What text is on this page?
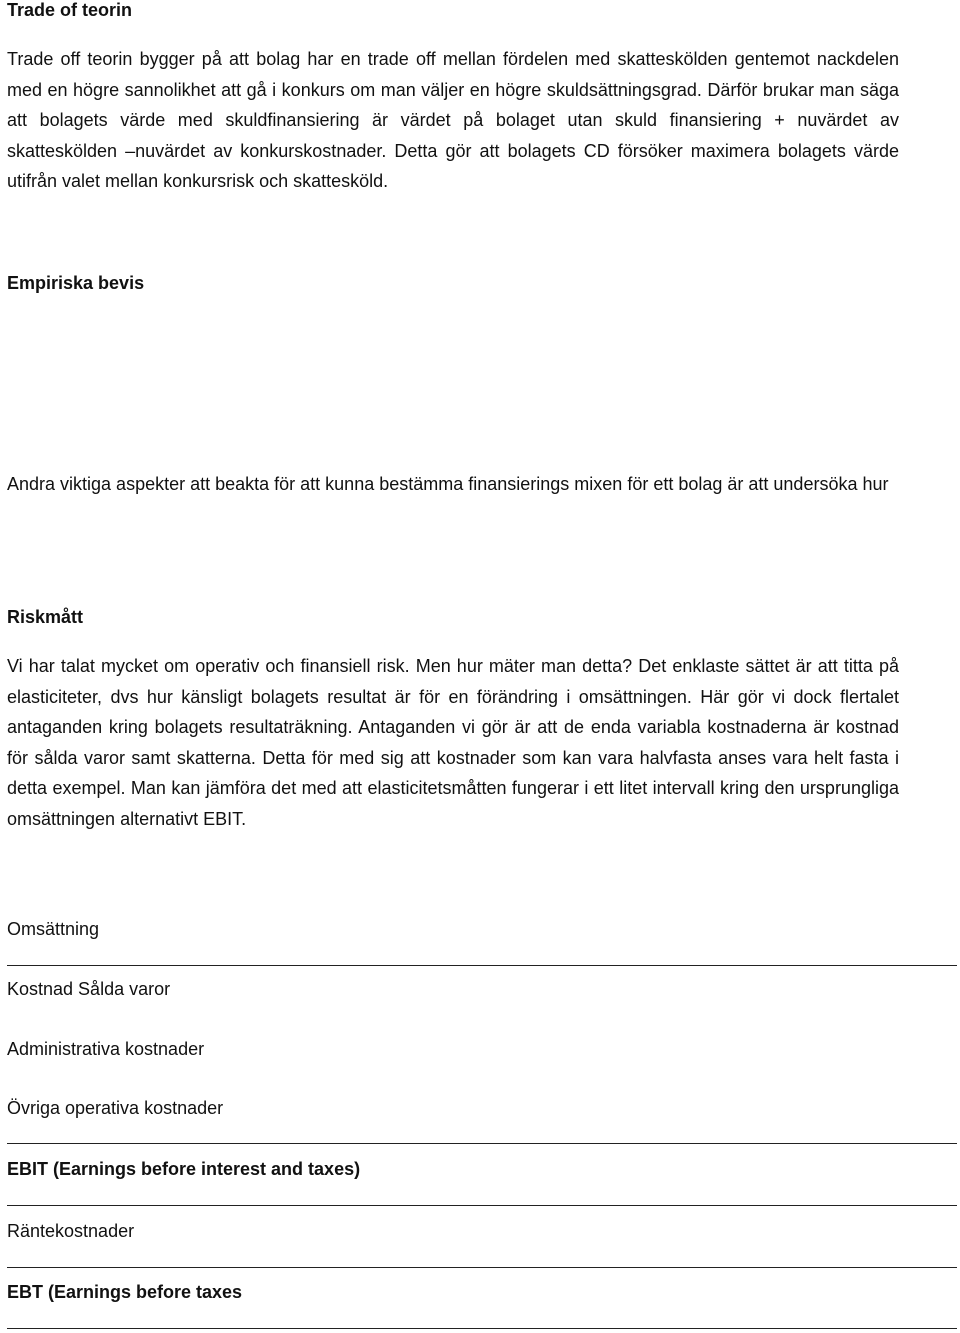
Trade of teorin
Trade off teorin bygger på att bolag har en trade off mellan fördelen med skatteskölden gentemot nackdelen med en högre sannolikhet att gå i konkurs om man väljer en högre skuldsättningsgrad. Därför brukar man säga att bolagets värde med skuldfinansiering är värdet på bolaget utan skuld finansiering + nuvärdet av skatteskölden –nuvärdet av konkurskostnader. Detta gör att bolagets CD försöker maximera bolagets värde utifrån valet mellan konkursrisk och skattesköld.
Empiriska bevis
Andra viktiga aspekter att beakta för att kunna bestämma finansierings mixen för ett bolag är att undersöka hur
Riskmått
Vi har talat mycket om operativ och finansiell risk. Men hur mäter man detta? Det enklaste sättet är att titta på elasticiteter, dvs hur känsligt bolagets resultat är för en förändring i omsättningen. Här gör vi dock flertalet antaganden kring bolagets resultaträkning. Antaganden vi gör är att de enda variabla kostnaderna är kostnad för sålda varor samt skatterna. Detta för med sig att kostnader som kan vara halvfasta anses vara helt fasta i detta exempel. Man kan jämföra det med att elasticitetsmåtten fungerar i ett litet intervall kring den ursprungliga omsättningen alternativt EBIT.
Omsättning
Kostnad Sålda varor
Administrativa kostnader
Övriga operativa kostnader
EBIT (Earnings before interest and taxes)
Räntekostnader
EBT (Earnings before taxes
